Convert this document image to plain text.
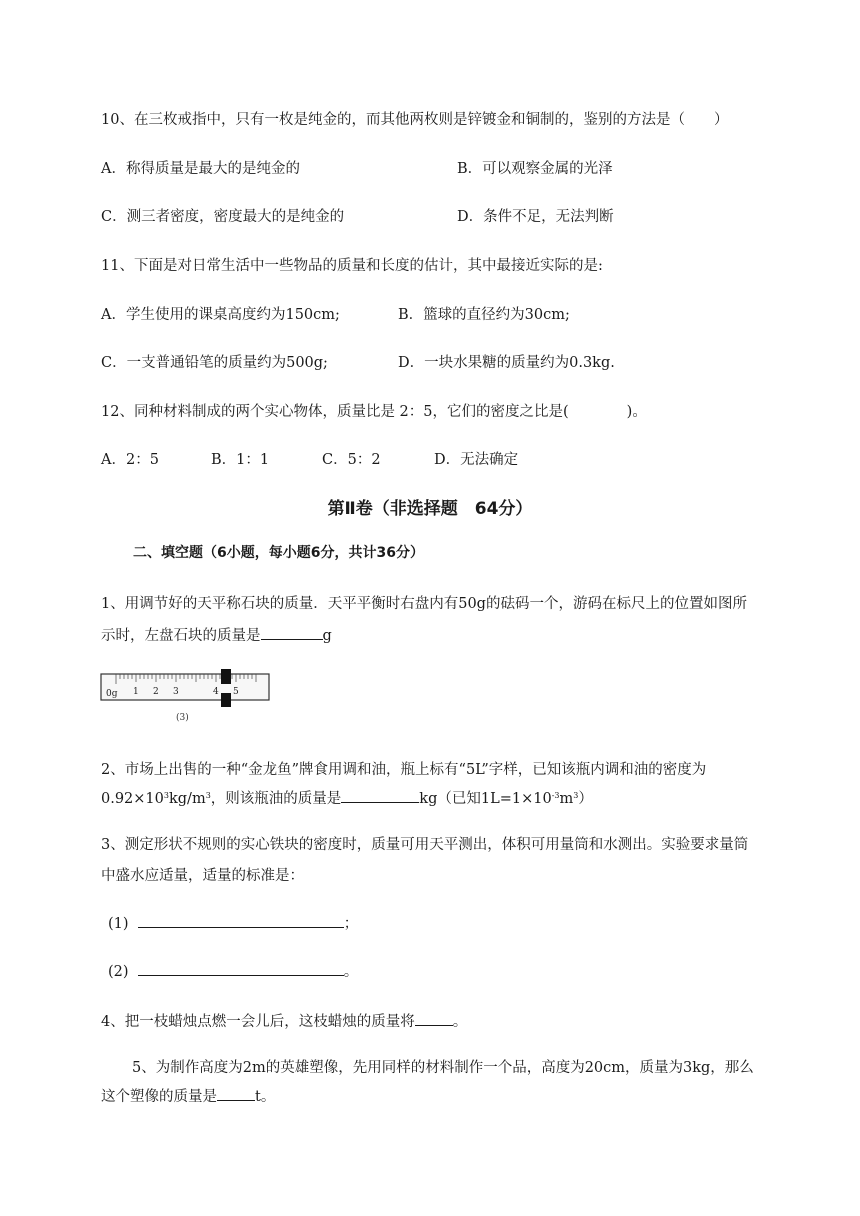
10、在三枚戒指中，只有一枚是纯金的，而其他两枚则是锌镀金和铜制的，鉴别的方法是（　　）
A．称得质量是最大的是纯金的	B．可以观察金属的光泽
C．测三者密度，密度最大的是纯金的	D．条件不足，无法判断
11、下面是对日常生活中一些物品的质量和长度的估计，其中最接近实际的是:
A．学生使用的课桌高度约为150cm;	B．篮球的直径约为30cm;
C．一支普通铅笔的质量约为500g;	D．一块水果糖的质量约为0.3kg.
12、同种材料制成的两个实心物体，质量比是 2：5，它们的密度之比是(　　　　)。
A．2：5	B．1：1	C．5：2	D．无法确定
第Ⅱ卷（非选择题　64分）
二、填空题（6小题，每小题6分，共计36分）
1、用调节好的天平称石块的质量．天平平衡时右盘内有50g的砝码一个，游码在标尺上的位置如图所
示时，左盘石块的质量是	g
0g 1 2 3	4 5
(3)
2、市场上出售的一种“金龙鱼”牌食用调和油，瓶上标有“5L”字样，已知该瓶内调和油的密度为
$0.92\times 10^3kg/m^3$，则该瓶油的质量是	kg（已知$1L=1\times 10^{-3}m^3$）
3、测定形状不规则的实心铁块的密度时，质量可用天平测出，体积可用量筒和水测出。实验要求量筒
中盛水应适量，适量的标准是：
(1)	；
(2)	。
4、把一枝蜡烛点燃一会儿后，这枝蜡烛的质量将	。
5、为制作高度为2m的英雄塑像，先用同样的材料制作一个品，高度为20cm，质量为3kg，那么
这个塑像的质量是	t。
